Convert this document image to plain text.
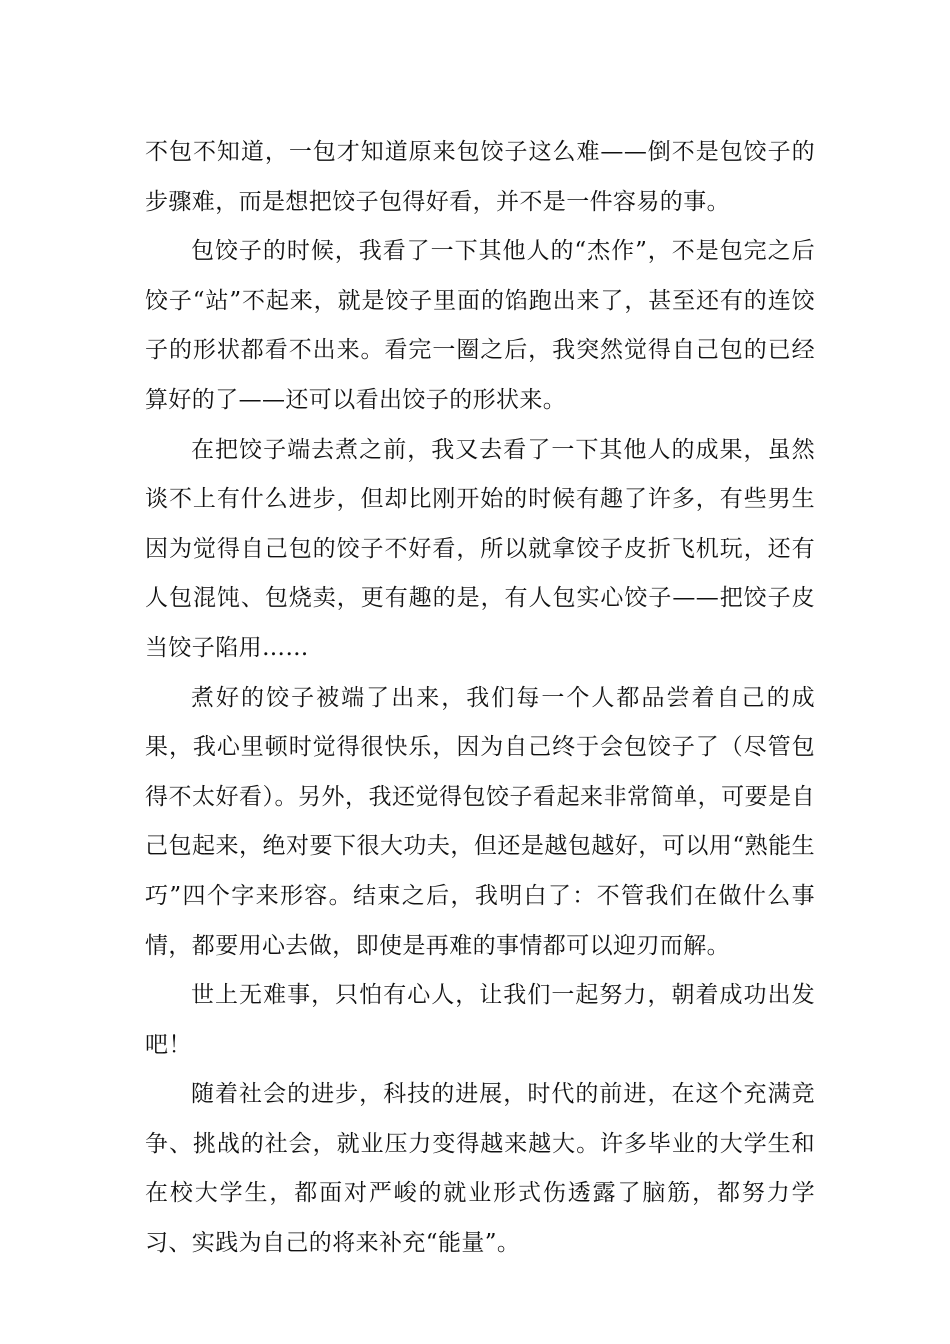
不包不知道，一包才知道原来包饺子这么难——倒不是包饺子的步骤难，而是想把饺子包得好看，并不是一件容易的事。

包饺子的时候，我看了一下其他人的“杰作”，不是包完之后饺子“站”不起来，就是饺子里面的馅跑出来了，甚至还有的连饺子的形状都看不出来。看完一圈之后，我突然觉得自己包的已经算好的了——还可以看出饺子的形状来。

在把饺子端去煮之前，我又去看了一下其他人的成果，虽然谈不上有什么进步，但却比刚开始的时候有趣了许多，有些男生因为觉得自己包的饺子不好看，所以就拿饺子皮折飞机玩，还有人包混饨、包烧卖，更有趣的是，有人包实心饺子——把饺子皮当饺子陷用……

煮好的饺子被端了出来，我们每一个人都品尝着自己的成果，我心里顿时觉得很快乐，因为自己终于会包饺子了（尽管包得不太好看）。另外，我还觉得包饺子看起来非常简单，可要是自己包起来，绝对要下很大功夫，但还是越包越好，可以用“熟能生巧”四个字来形容。结束之后，我明白了：不管我们在做什么事情，都要用心去做，即使是再难的事情都可以迎刃而解。

世上无难事，只怕有心人，让我们一起努力，朝着成功出发吧！

随着社会的进步，科技的进展，时代的前进，在这个充满竞争、挑战的社会，就业压力变得越来越大。许多毕业的大学生和在校大学生，都面对严峻的就业形式伤透露了脑筋，都努力学习、实践为自己的将来补充“能量”。
